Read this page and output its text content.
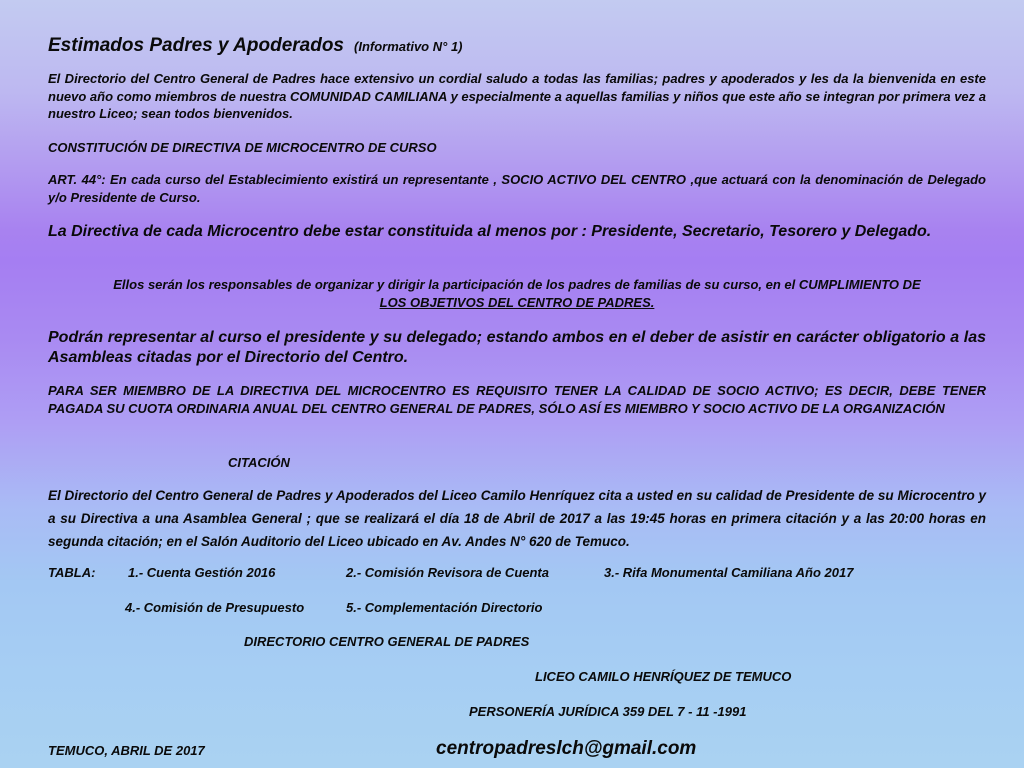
Estimados Padres y Apoderados (Informativo N° 1)
El Directorio del Centro General de Padres hace extensivo un cordial saludo a todas las familias; padres y apoderados y les da la bienvenida en este nuevo año como miembros de nuestra COMUNIDAD CAMILIANA y especialmente a aquellas familias y niños que este año se integran por primera vez a nuestro Liceo; sean todos bienvenidos.
CONSTITUCIÓN DE DIRECTIVA DE MICROCENTRO DE CURSO
ART. 44°: En cada curso del Establecimiento existirá un representante , SOCIO ACTIVO DEL CENTRO ,que actuará con la denominación de Delegado y/o Presidente de Curso.
La Directiva de cada Microcentro debe estar constituida al menos por : Presidente, Secretario, Tesorero y Delegado.
Ellos serán los responsables de organizar y dirigir la participación de los padres de familias de su curso, en el CUMPLIMIENTO DE
LOS OBJETIVOS DEL CENTRO DE PADRES.
Podrán representar al curso el presidente y su delegado; estando ambos en el deber de asistir en carácter obligatorio a las Asambleas citadas por el Directorio del Centro.
PARA SER MIEMBRO DE LA DIRECTIVA DEL MICROCENTRO ES REQUISITO TENER LA CALIDAD DE SOCIO ACTIVO; ES DECIR, DEBE TENER PAGADA SU CUOTA ORDINARIA ANUAL DEL CENTRO GENERAL DE PADRES, SÓLO ASÍ ES MIEMBRO Y SOCIO ACTIVO DE LA ORGANIZACIÓN
CITACIÓN
El Directorio del Centro General de Padres y Apoderados del Liceo Camilo Henríquez cita a usted en su calidad de Presidente de su Microcentro y a su Directiva a una Asamblea General ; que se realizará el día 18 de Abril de 2017 a las 19:45 horas en primera citación y a las 20:00 horas en segunda citación; en el Salón Auditorio del Liceo ubicado en Av. Andes N° 620 de Temuco.
TABLA:	1.- Cuenta Gestión 2016	2.- Comisión Revisora de Cuenta	3.- Rifa Monumental Camiliana Año 2017
4.- Comisión de Presupuesto	5.- Complementación Directorio
DIRECTORIO CENTRO GENERAL DE PADRES
LICEO CAMILO HENRÍQUEZ DE TEMUCO
PERSONERÍA JURÍDICA 359 DEL 7 - 11 -1991
TEMUCO, ABRIL DE 2017	centropadreslch@gmail.com
